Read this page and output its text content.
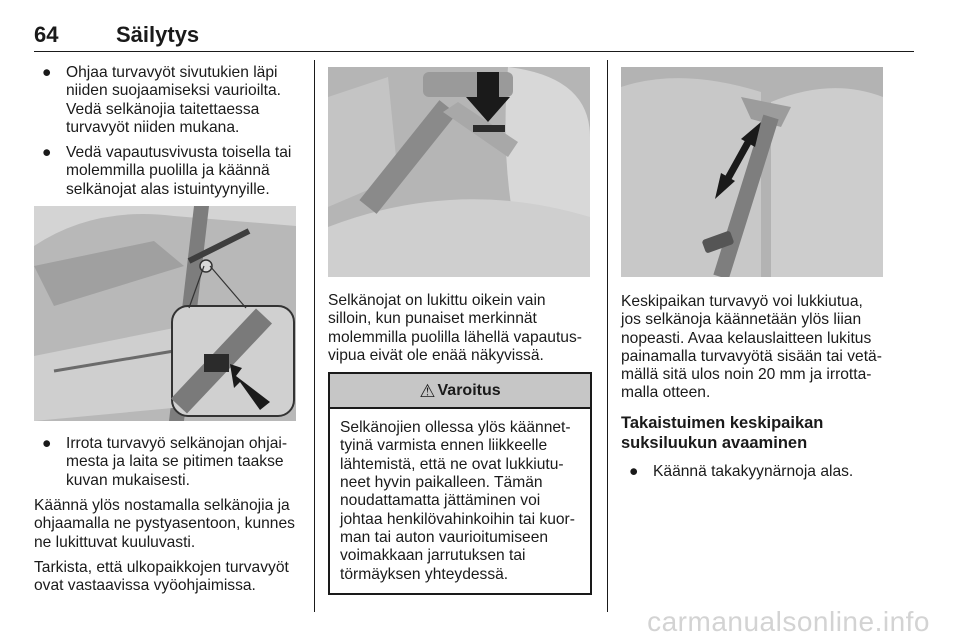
64	Säilytys
● Ohjaa turvavyöt sivutukien läpi niiden suojaamiseksi vaurioilta. Vedä selkänojia taitettaessa turvavyöt niiden mukana.
● Vedä vapautusvivusta toisella tai molemmilla puolilla ja käännä selkänojat alas istuintyynyille.
● Irrota turvavyö selkänojan ohjai-mesta ja laita se pitimen taakse kuvan mukaisesti.

Käännä ylös nostamalla selkänojia ja ohjaamalla ne pystyasentoon, kunnes ne lukittuvat kuuluvasti.

Tarkista, että ulkopaikkojen turvavyöt ovat vastaavissa vyöohjaimissa.

Selkänojat on lukittu oikein vain silloin, kun punaiset merkinnät molemmilla puolilla lähellä vapautus-vipua eivät ole enää näkyvissä.

⚠ Varoitus
Selkänojien ollessa ylös käännet-tyinä varmista ennen liikkeelle lähtemistä, että ne ovat lukkiutu-neet hyvin paikalleen. Tämän noudattamatta jättäminen voi johtaa henkilövahinkoihin tai kuor-man tai auton vaurioitumiseen voimakkaan jarrutuksen tai törmäyksen yhteydessä.

Keskipaikan turvavyö voi lukkiutua, jos selkänoja käännetään ylös liian nopeasti. Avaa kelauslaitteen lukitus painamalla turvavyötä sisään tai vetä-mällä sitä ulos noin 20 mm ja irrotta-malla otteen.

Takaistuimen keskipaikan suksiluukun avaaminen
● Käännä takakyynärnoja alas.
carmanualsonline.info
